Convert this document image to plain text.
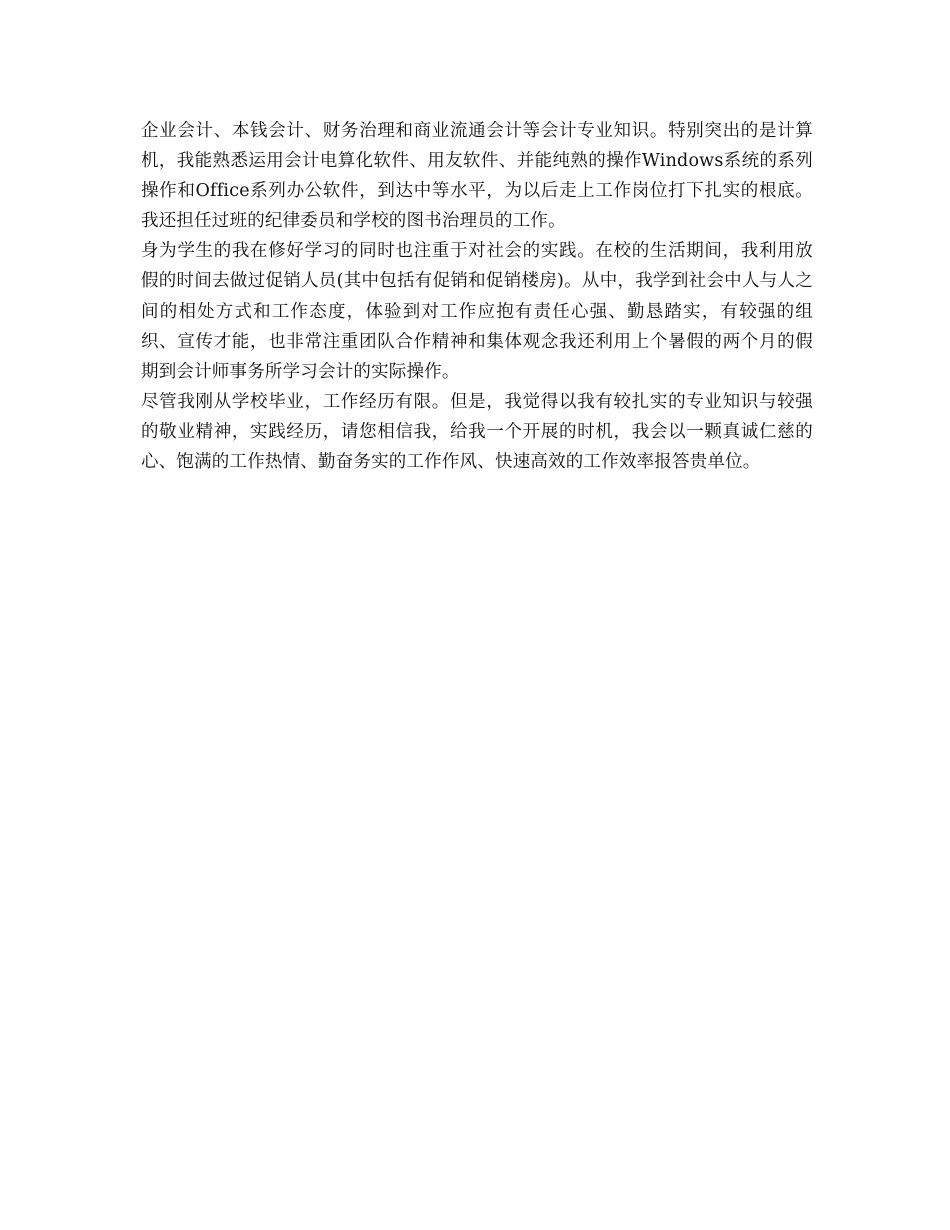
企业会计、本钱会计、财务治理和商业流通会计等会计专业知识。特别突出的是计算机，我能熟悉运用会计电算化软件、用友软件、并能纯熟的操作Windows系统的系列操作和Office系列办公软件，到达中等水平，为以后走上工作岗位打下扎实的根底。我还担任过班的纪律委员和学校的图书治理员的工作。

身为学生的我在修好学习的同时也注重于对社会的实践。在校的生活期间，我利用放假的时间去做过促销人员(其中包括有促销和促销楼房)。从中，我学到社会中人与人之间的相处方式和工作态度，体验到对工作应抱有责任心强、勤恳踏实，有较强的组织、宣传才能，也非常注重团队合作精神和集体观念我还利用上个暑假的两个月的假期到会计师事务所学习会计的实际操作。

尽管我刚从学校毕业，工作经历有限。但是，我觉得以我有较扎实的专业知识与较强的敬业精神，实践经历，请您相信我，给我一个开展的时机，我会以一颗真诚仁慈的心、饱满的工作热情、勤奋务实的工作作风、快速高效的工作效率报答贵单位。
